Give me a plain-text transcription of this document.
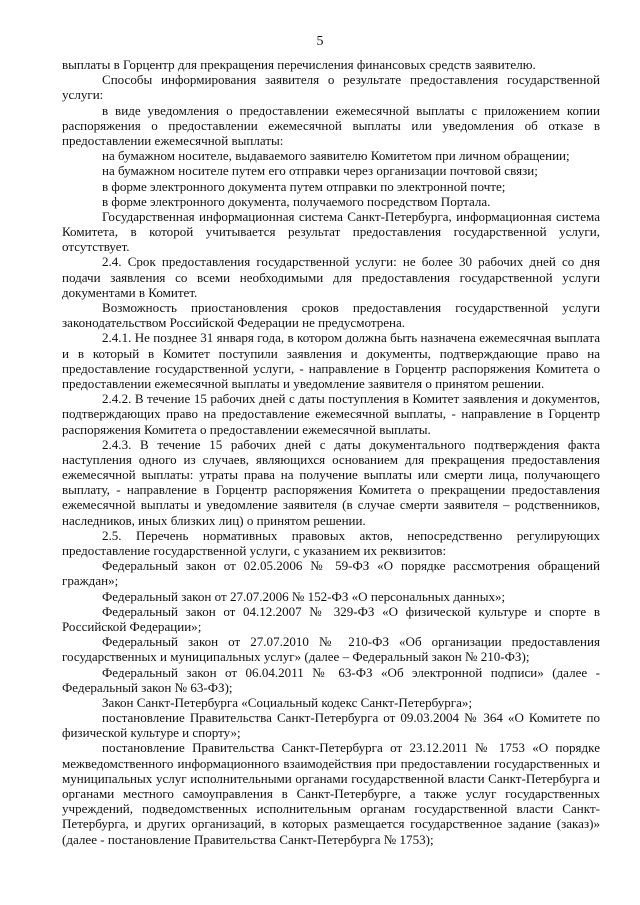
5

выплаты в Горцентр для прекращения перечисления финансовых средств заявителю.

Способы информирования заявителя о результате предоставления государственной услуги:

в виде уведомления о предоставлении ежемесячной выплаты с приложением копии распоряжения о предоставлении ежемесячной выплаты или уведомления об отказе в предоставлении ежемесячной выплаты:

на бумажном носителе, выдаваемого заявителю Комитетом при личном обращении;

на бумажном носителе путем его отправки через организации почтовой связи;

в форме электронного документа путем отправки по электронной почте;

в форме электронного документа, получаемого посредством Портала.

Государственная информационная система Санкт-Петербурга, информационная система Комитета, в которой учитывается результат предоставления государственной услуги, отсутствует.

2.4. Срок предоставления государственной услуги: не более 30 рабочих дней со дня подачи заявления со всеми необходимыми для предоставления государственной услуги документами в Комитет.

Возможность приостановления сроков предоставления государственной услуги законодательством Российской Федерации не предусмотрена.

2.4.1. Не позднее 31 января года, в котором должна быть назначена ежемесячная выплата и в который в Комитет поступили заявления и документы, подтверждающие право на предоставление государственной услуги, - направление в Горцентр распоряжения Комитета о предоставлении ежемесячной выплаты и уведомление заявителя о принятом решении.

2.4.2. В течение 15 рабочих дней с даты поступления в Комитет заявления и документов, подтверждающих право на предоставление ежемесячной выплаты, - направление в Горцентр распоряжения Комитета о предоставлении ежемесячной выплаты.

2.4.3. В течение 15 рабочих дней с даты документального подтверждения факта наступления одного из случаев, являющихся основанием для прекращения предоставления ежемесячной выплаты: утраты права на получение выплаты или смерти лица, получающего выплату, - направление в Горцентр распоряжения Комитета о прекращении предоставления ежемесячной выплаты и уведомление заявителя (в случае смерти заявителя – родственников, наследников, иных близких лиц) о принятом решении.

2.5. Перечень нормативных правовых актов, непосредственно регулирующих предоставление государственной услуги, с указанием их реквизитов:

Федеральный закон от 02.05.2006 № 59-ФЗ «О порядке рассмотрения обращений граждан»;

Федеральный закон от 27.07.2006 № 152-ФЗ «О персональных данных»;

Федеральный закон от 04.12.2007 № 329-ФЗ «О физической культуре и спорте в Российской Федерации»;

Федеральный закон от 27.07.2010 № 210-ФЗ «Об организации предоставления государственных и муниципальных услуг» (далее – Федеральный закон № 210-ФЗ);

Федеральный закон от 06.04.2011 № 63-ФЗ «Об электронной подписи» (далее - Федеральный закон № 63-ФЗ);

Закон Санкт-Петербурга «Социальный кодекс Санкт-Петербурга»;

постановление Правительства Санкт-Петербурга от 09.03.2004 № 364 «О Комитете по физической культуре и спорту»;

постановление Правительства Санкт-Петербурга от 23.12.2011 № 1753 «О порядке межведомственного информационного взаимодействия при предоставлении государственных и муниципальных услуг исполнительными органами государственной власти Санкт-Петербурга и органами местного самоуправления в Санкт-Петербурге, а также услуг государственных учреждений, подведомственных исполнительным органам государственной власти Санкт-Петербурга, и других организаций, в которых размещается государственное задание (заказ)» (далее - постановление Правительства Санкт-Петербурга № 1753);
